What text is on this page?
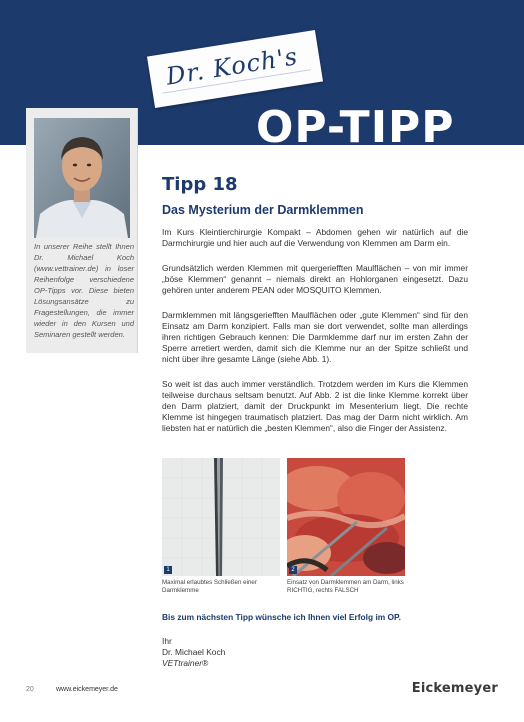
Dr. Koch's
OP-TIPP

In unserer Reihe stellt Ihnen Dr. Michael Koch (www.vettrainer.de) in loser Reihenfolge verschiedene OP-Tipps vor. Diese bieten Lösungsansätze zu Fragestellungen, die immer wieder in den Kursen und Seminaren gestellt werden.

Tipp 18
Das Mysterium der Darmklemmen

Im Kurs Kleintierchirurgie Kompakt – Abdomen gehen wir natürlich auf die Darmchirurgie und hier auch auf die Verwendung von Klemmen am Darm ein.

Grundsätzlich werden Klemmen mit quergeriefften Maulflächen – von mir immer „böse Klemmen“ genannt – niemals direkt an Hohlorganen eingesetzt. Dazu gehören unter anderem PEAN oder MOSQUITO Klemmen.

Darmklemmen mit längsgeriefften Maulflächen oder „gute Klemmen“ sind für den Einsatz am Darm konzipiert. Falls man sie dort verwendet, sollte man allerdings ihren richtigen Gebrauch kennen: Die Darmklemme darf nur im ersten Zahn der Sperre arretiert werden, damit sich die Klemme nur an der Spitze schließt und nicht über ihre gesamte Länge (siehe Abb. 1).

So weit ist das auch immer verständlich. Trotzdem werden im Kurs die Klemmen teilweise durchaus seltsam benutzt. Auf Abb. 2 ist die linke Klemme korrekt über den Darm platziert, damit der Druckpunkt im Mesenterium liegt. Die rechte Klemme ist hingegen traumatisch platziert. Das mag der Darm nicht wirklich. Am liebsten hat er natürlich die „besten Klemmen“, also die Finger der Assistenz.

1

Maximal erlaubtes Schließen einer Darmklemme

2

Einsatz von Darmklemmen am Darm, links RICHTIG, rechts FALSCH

Bis zum nächsten Tipp wünsche ich Ihnen viel Erfolg im OP.

Ihr
Dr. Michael Koch
VETtrainer®

20	www.eickemeyer.de	Eickemeyer
